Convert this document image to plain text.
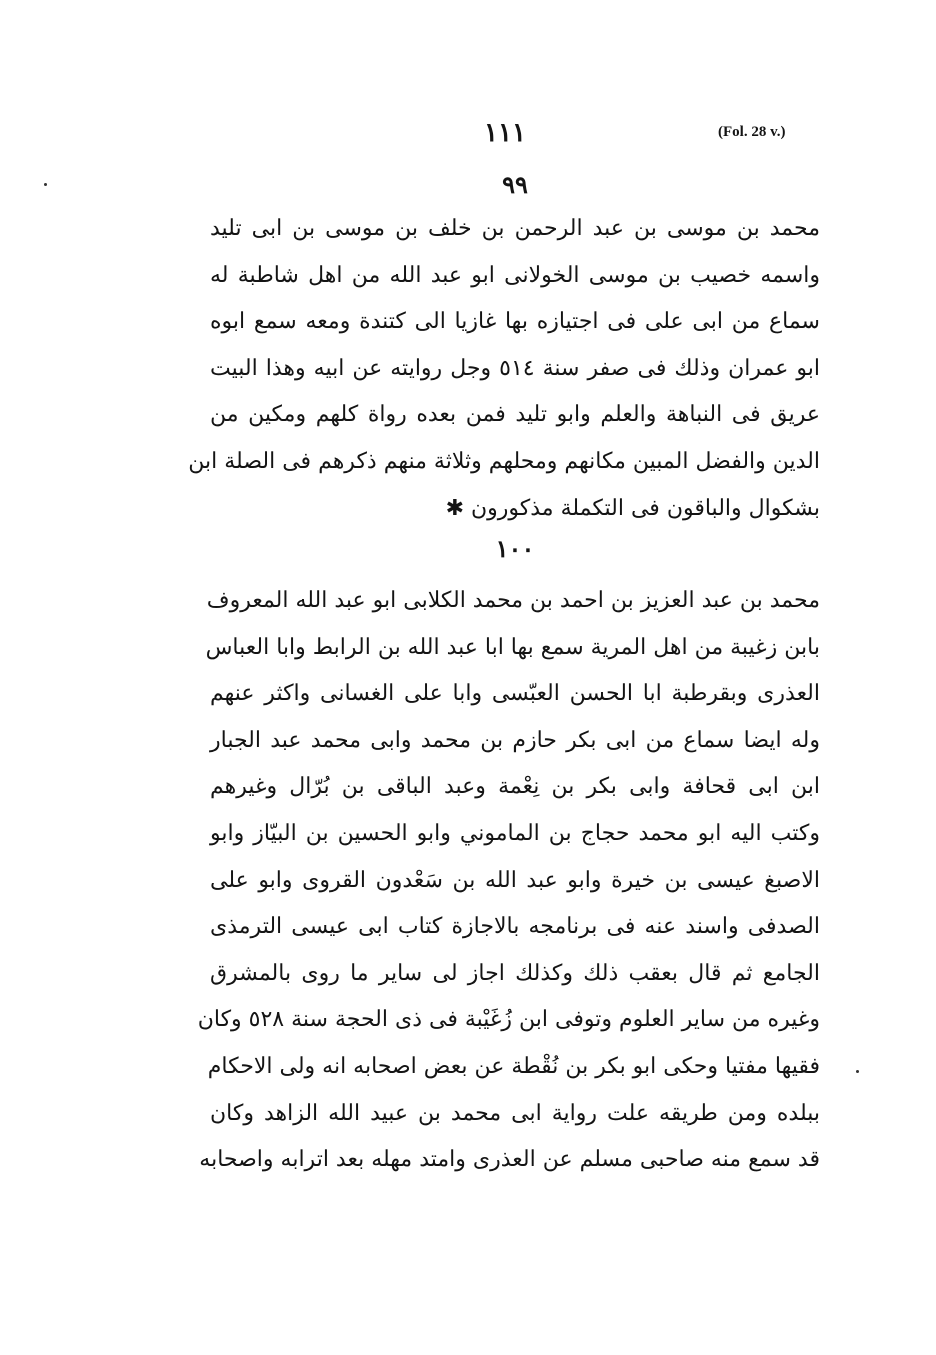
۱۱۱	(Fol. 28 v.)
۹۹
محمد بن موسى بن عبد الرحمن بن خلف بن موسى بن ابى تليد
واسمه خصيب بن موسى الخولانى ابو عبد الله من اهل شاطبة له
سماع من ابى على فى اجتيازه بها غازيا الى كتندة ومعه سمع ابوه
ابو عمران وذلك فى صفر سنة ٥١٤ وجل روايته عن ابيه وهذا البيت
عريق فى النباهة والعلم وابو تليد فمن بعده رواة كلهم ومكين من
الدين والفضل المبين مكانهم ومحلهم وثلاثة منهم ذكرهم فى الصلة ابن
بشكوال والباقون فى التكملة مذكورون ✱
۱۰۰
محمد بن عبد العزيز بن احمد بن محمد الكلابى ابو عبد الله المعروف
بابن زغيبة من اهل المرية سمع بها ابا عبد الله بن الرابط وابا العباس
العذرى وبقرطبة ابا الحسن العبّسى وابا على الغسانى واكثر عنهم
وله ايضا سماع من ابى بكر حازم بن محمد وابى محمد عبد الجبار
ابن ابى قحافة وابى بكر بن نِعْمة وعبد الباقى بن بُرّال وغيرهم
وكتب اليه ابو محمد حجاج بن الماموني وابو الحسين بن البيّاز وابو
الاصبغ عيسى بن خيرة وابو عبد الله بن سَعْدون القروى وابو على
الصدفى واسند عنه فى برنامجه بالاجازة كتاب ابى عيسى الترمذى
الجامع ثم قال بعقب ذلك وكذلك اجاز لى ساير ما روى بالمشرق
وغيره من ساير العلوم وتوفى ابن زُغَيْبة فى ذى الحجة سنة ٥٢٨ وكان
فقيها مفتيا وحكى ابو بكر بن نُقْطة عن بعض اصحابه انه ولى الاحكام
ببلده ومن طريقه علت رواية ابى محمد بن عبيد الله الزاهد وكان
قد سمع منه صاحبى مسلم عن العذرى وامتد مهله بعد اترابه واصحابه
